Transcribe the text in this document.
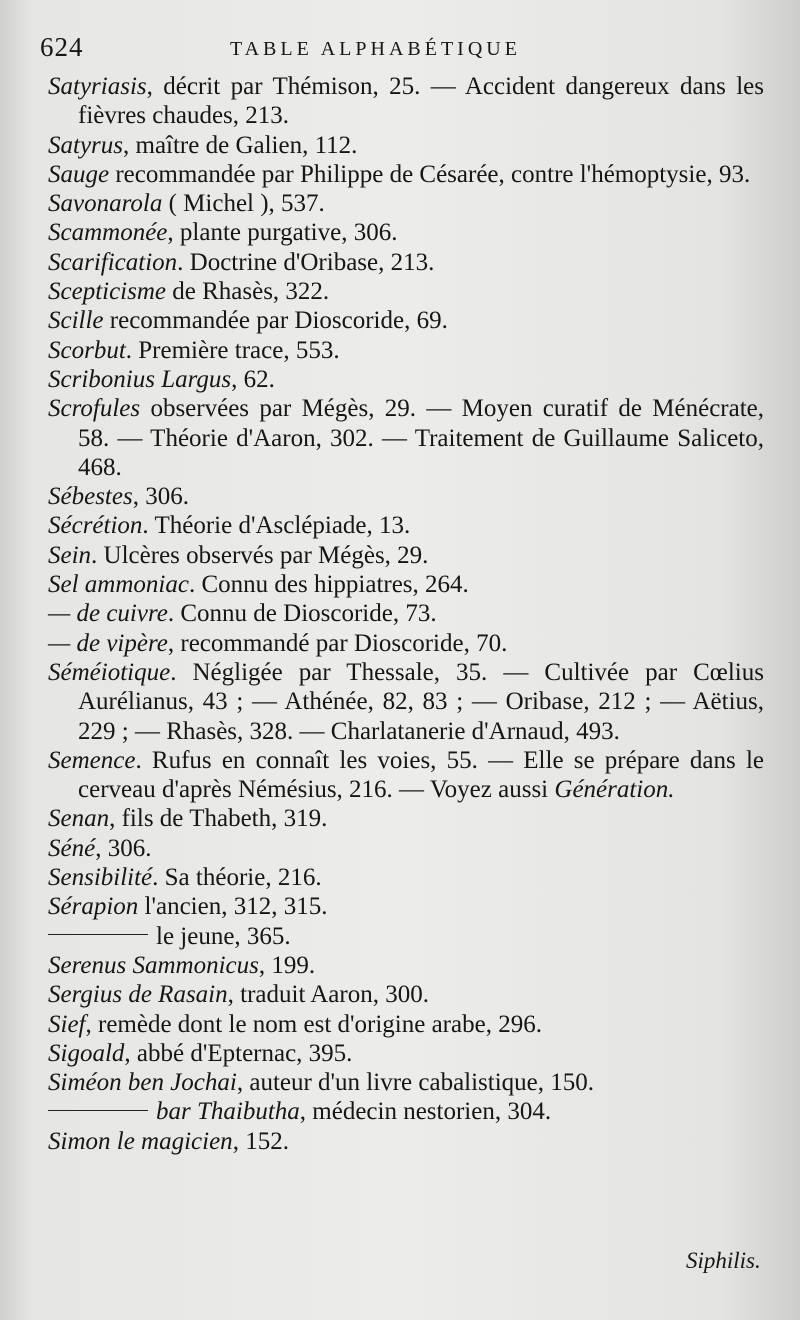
624	TABLE ALPHABÉTIQUE
Satyriasis, décrit par Thémison, 25. — Accident dangereux dans les fièvres chaudes, 213.
Satyrus, maître de Galien, 112.
Sauge recommandée par Philippe de Césarée, contre l'hémoptysie, 93.
Savonarola ( Michel ), 537.
Scammonée, plante purgative, 306.
Scarification. Doctrine d'Oribase, 213.
Scepticisme de Rhasès, 322.
Scille recommandée par Dioscoride, 69.
Scorbut. Première trace, 553.
Scribonius Largus, 62.
Scrofules observées par Mégès, 29. — Moyen curatif de Ménécrate, 58. — Théorie d'Aaron, 302. — Traitement de Guillaume Saliceto, 468.
Sébestes, 306.
Sécrétion. Théorie d'Asclépiade, 13.
Sein. Ulcères observés par Mégès, 29.
Sel ammoniac. Connu des hippiatres, 264.
— de cuivre. Connu de Dioscoride, 73.
— de vipère, recommandé par Dioscoride, 70.
Séméiotique. Négligée par Thessale, 35. — Cultivée par Cœlius Aurélianus, 43 ; — Athénée, 82, 83 ; — Oribase, 212 ; — Aëtius, 229 ; — Rhasès, 328. — Charlatanerie d'Arnaud, 493.
Semence. Rufus en connaît les voies, 55. — Elle se prépare dans le cerveau d'après Némésius, 216. — Voyez aussi Génération.
Senan, fils de Thabeth, 319.
Séné, 306.
Sensibilité. Sa théorie, 216.
Sérapion l'ancien, 312, 315.
le jeune, 365.
Serenus Sammonicus, 199.
Sergius de Rasain, traduit Aaron, 300.
Sief, remède dont le nom est d'origine arabe, 296.
Sigoald, abbé d'Epternac, 395.
Siméon ben Jochai, auteur d'un livre cabalistique, 150.
bar Thaibutha, médecin nestorien, 304.
Simon le magicien, 152.
Siphilis.
